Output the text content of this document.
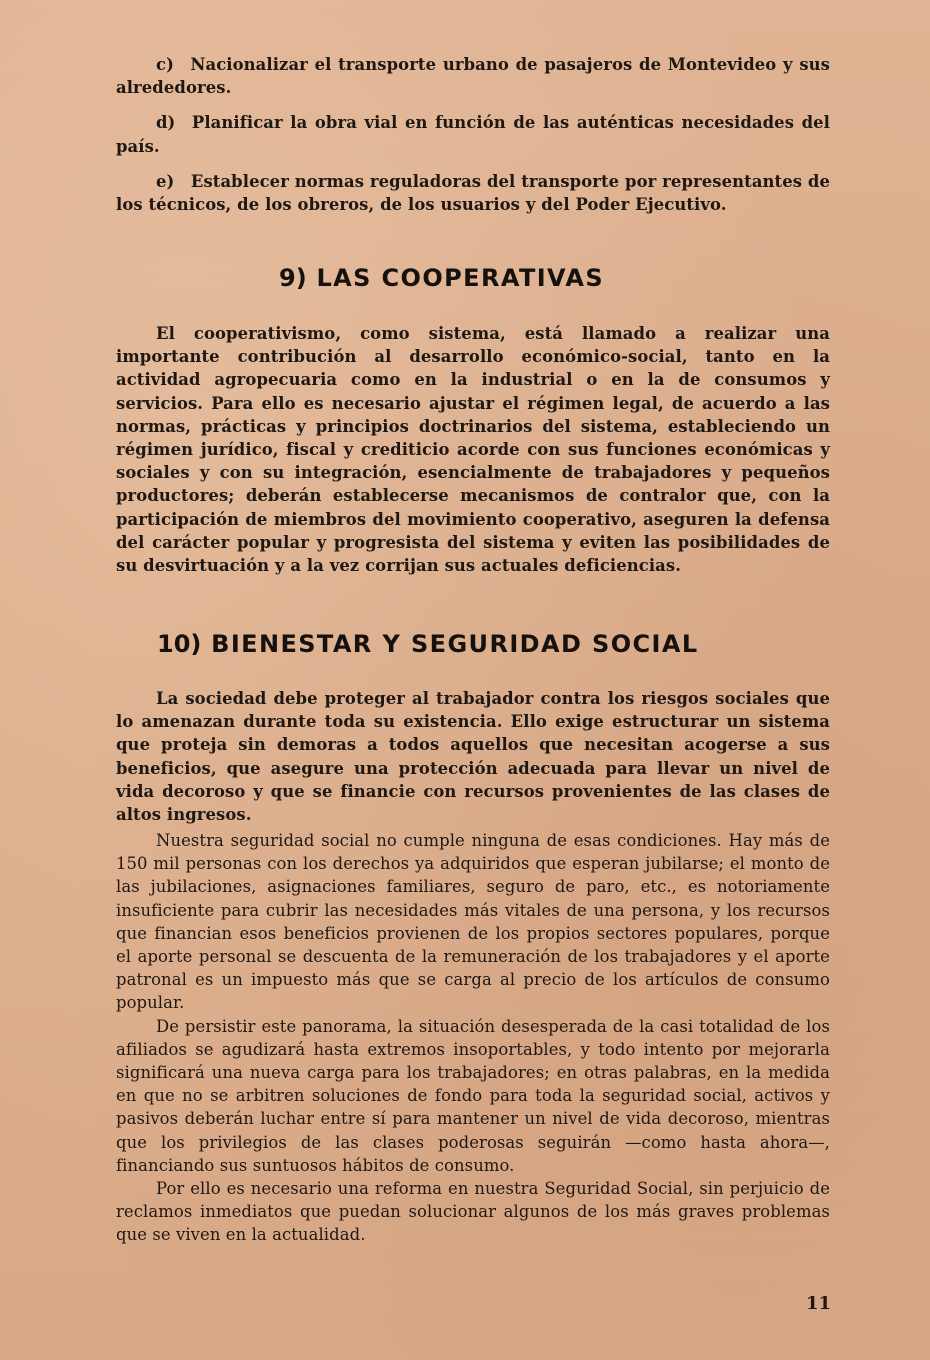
c) Nacionalizar el transporte urbano de pasajeros de Montevideo y sus alrededores.

d) Planificar la obra vial en función de las auténticas necesidades del país.

e) Establecer normas reguladoras del transporte por representantes de los técnicos, de los obreros, de los usuarios y del Poder Ejecutivo.

9) LAS COOPERATIVAS

El cooperativismo, como sistema, está llamado a realizar una importante contribución al desarrollo económico-social, tanto en la actividad agropecuaria como en la industrial o en la de consumos y servicios. Para ello es necesario ajustar el régimen legal, de acuerdo a las normas, prácticas y principios doctrinarios del sistema, estableciendo un régimen jurídico, fiscal y crediticio acorde con sus funciones económicas y sociales y con su integración, esencialmente de trabajadores y pequeños productores; deberán establecerse mecanismos de contralor que, con la participación de miembros del movimiento cooperativo, aseguren la defensa del carácter popular y progresista del sistema y eviten las posibilidades de su desvirtuación y a la vez corrijan sus actuales deficiencias.

10) BIENESTAR Y SEGURIDAD SOCIAL

La sociedad debe proteger al trabajador contra los riesgos sociales que lo amenazan durante toda su existencia. Ello exige estructurar un sistema que proteja sin demoras a todos aquellos que necesitan acogerse a sus beneficios, que asegure una protección adecuada para llevar un nivel de vida decoroso y que se financie con recursos provenientes de las clases de altos ingresos.

Nuestra seguridad social no cumple ninguna de esas condiciones. Hay más de 150 mil personas con los derechos ya adquiridos que esperan jubilarse; el monto de las jubilaciones, asignaciones familiares, seguro de paro, etc., es notoriamente insuficiente para cubrir las necesidades más vitales de una persona, y los recursos que financian esos beneficios provienen de los propios sectores populares, porque el aporte personal se descuenta de la remuneración de los trabajadores y el aporte patronal es un impuesto más que se carga al precio de los artículos de consumo popular.

De persistir este panorama, la situación desesperada de la casi totalidad de los afiliados se agudizará hasta extremos insoportables, y todo intento por mejorarla significará una nueva carga para los trabajadores; en otras palabras, en la medida en que no se arbitren soluciones de fondo para toda la seguridad social, activos y pasivos deberán luchar entre sí para mantener un nivel de vida decoroso, mientras que los privilegios de las clases poderosas seguirán —como hasta ahora—, financiando sus suntuosos hábitos de consumo.

Por ello es necesario una reforma en nuestra Seguridad Social, sin perjuicio de reclamos inmediatos que puedan solucionar algunos de los más graves problemas que se viven en la actualidad.

11
